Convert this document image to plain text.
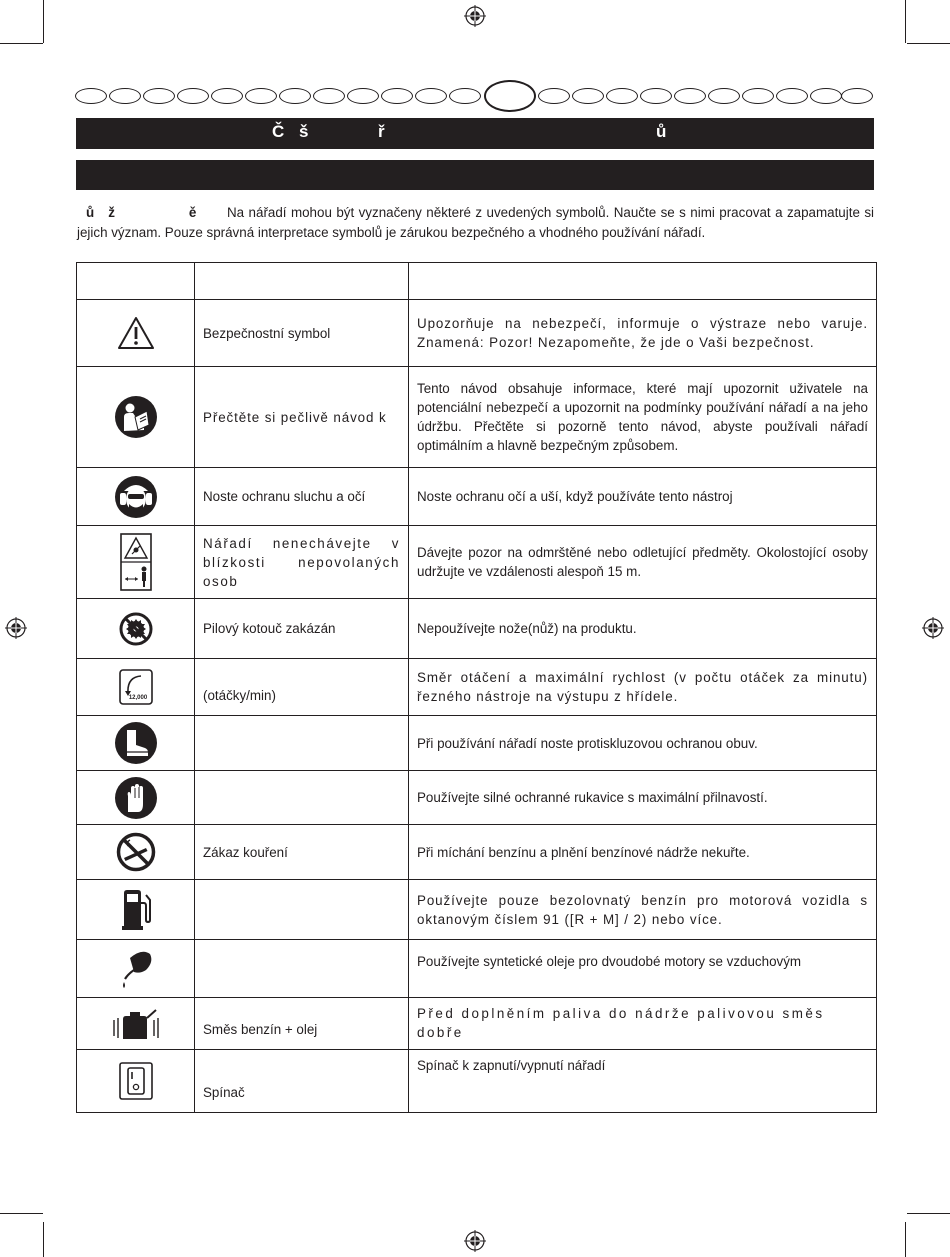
Č š	ř	ů
ů ž	ě Na nářadí mohou být vyznačeny některé z uvedených symbolů. Naučte se s nimi pracovat a zapamatujte si jejich význam. Pouze správná interpretace symbolů je zárukou bezpečného a vhodného používání nářadí.

	Bezpečnostní symbol	Upozorňuje na nebezpečí, informuje o výstraze nebo varuje. Znamená: Pozor! Nezapomeňte, že jde o Vaši bezpečnost.
	Přečtěte si pečlivě návod k	Tento návod obsahuje informace, které mají upozornit uživatele na potenciální nebezpečí a upozornit na podmínky používání nářadí a na jeho údržbu. Přečtěte si pozorně tento návod, abyste používali nářadí optimálním a hlavně bezpečným způsobem.
	Noste ochranu sluchu a očí	Noste ochranu očí a uší, když používáte tento nástroj
	Nářadí nenechávejte v blízkosti nepovolaných osob	Dávejte pozor na odmrštěné nebo odletující předměty. Okolostojící osoby udržujte ve vzdálenosti alespoň 15 m.
	Pilový kotouč zakázán	Nepoužívejte nože(nůž) na produktu.

12,000	(otáčky/min)	Směr otáčení a maximální rychlost (v počtu otáček za minutu) řezného nástroje na výstupu z hřídele.
		Při používání nářadí noste protiskluzovou ochranou obuv.
		Používejte silné ochranné rukavice s maximální přilnavostí.
	Zákaz kouření	Při míchání benzínu a plnění benzínové nádrže nekuřte.
		Používejte pouze bezolovnatý benzín pro motorová vozidla s oktanovým číslem 91 ([R + M] / 2) nebo více.
		Používejte syntetické oleje pro dvoudobé motory se vzduchovým
	Směs benzín + olej	Před doplněním paliva do nádrže palivovou směs dobře
	Spínač	Spínač k zapnutí/vypnutí nářadí
